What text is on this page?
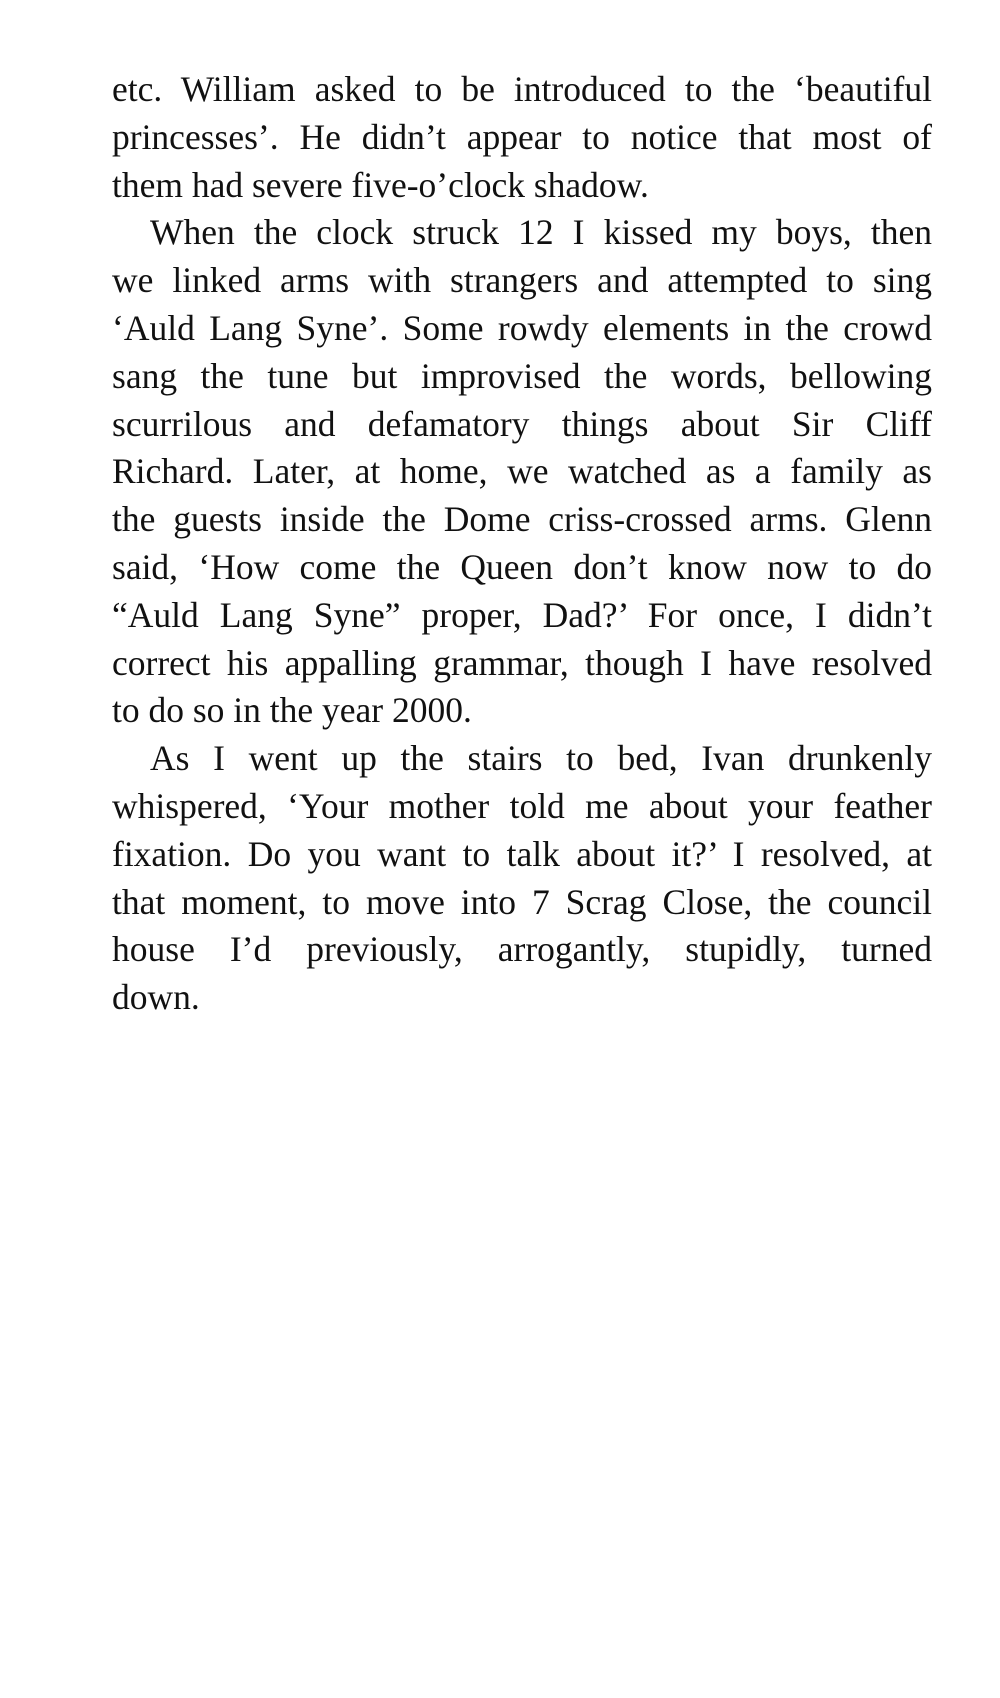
etc. William asked to be introduced to the ‘beautiful
princesses’. He didn’t appear to notice that most of
them had severe five-o’clock shadow.
When the clock struck 12 I kissed my boys, then
we linked arms with strangers and attempted to sing
‘Auld Lang Syne’. Some rowdy elements in the crowd
sang the tune but improvised the words, bellowing
scurrilous and defamatory things about Sir Cliff
Richard. Later, at home, we watched as a family as
the guests inside the Dome criss-crossed arms. Glenn
said, ‘How come the Queen don’t know now to do
“Auld Lang Syne” proper, Dad?’ For once, I didn’t
correct his appalling grammar, though I have resolved
to do so in the year 2000.
As I went up the stairs to bed, Ivan drunkenly
whispered, ‘Your mother told me about your feather
fixation. Do you want to talk about it?’ I resolved, at
that moment, to move into 7 Scrag Close, the council
house I’d previously, arrogantly, stupidly, turned
down.
